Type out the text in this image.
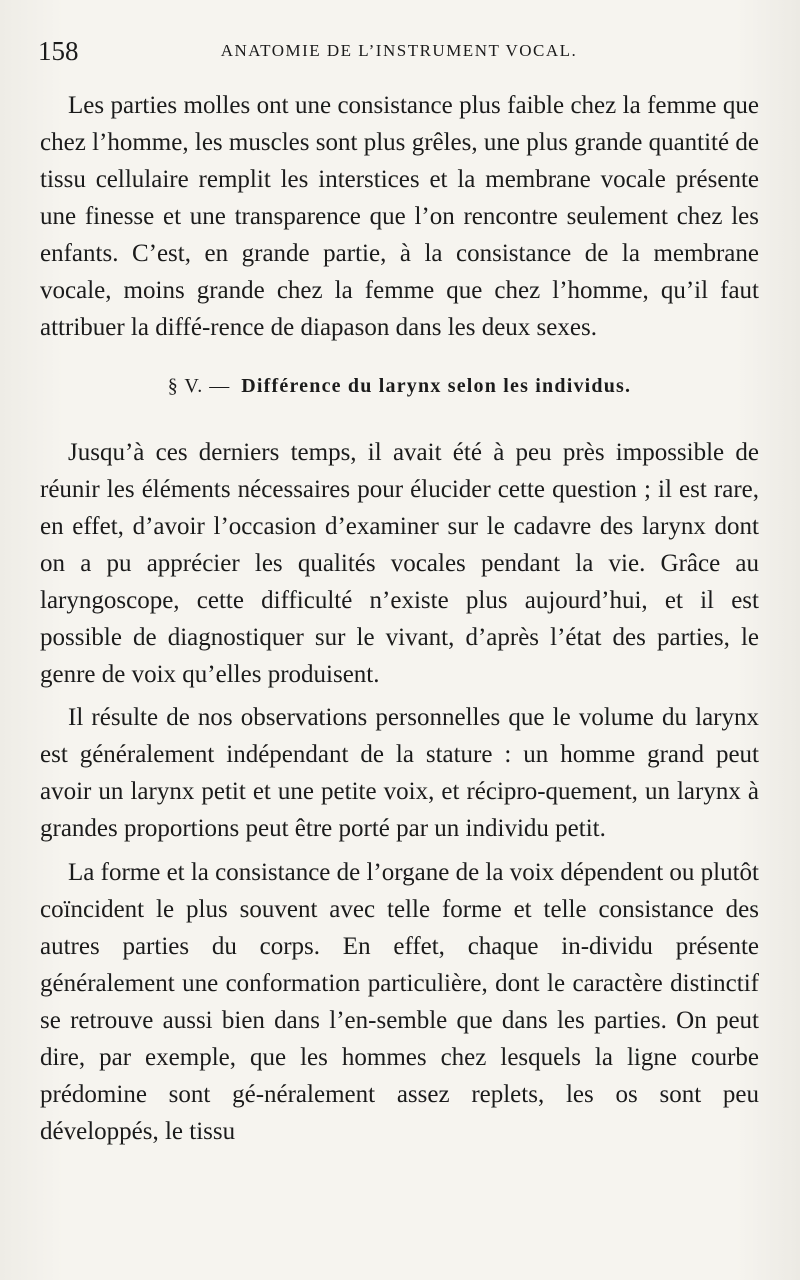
158	ANATOMIE DE L’INSTRUMENT VOCAL.

Les parties molles ont une consistance plus faible chez la femme que chez l’homme, les muscles sont plus grêles, une plus grande quantité de tissu cellulaire remplit les interstices et la membrane vocale présente une finesse et une transparence que l’on rencontre seulement chez les enfants. C’est, en grande partie, à la consistance de la membrane vocale, moins grande chez la femme que chez l’homme, qu’il faut attribuer la diffé-rence de diapason dans les deux sexes.

§ V. — Différence du larynx selon les individus.

Jusqu’à ces derniers temps, il avait été à peu près impossible de réunir les éléments nécessaires pour élucider cette question ; il est rare, en effet, d’avoir l’occasion d’examiner sur le cadavre des larynx dont on a pu apprécier les qualités vocales pendant la vie. Grâce au laryngoscope, cette difficulté n’existe plus aujourd’hui, et il est possible de diagnostiquer sur le vivant, d’après l’état des parties, le genre de voix qu’elles produisent.

Il résulte de nos observations personnelles que le volume du larynx est généralement indépendant de la stature : un homme grand peut avoir un larynx petit et une petite voix, et récipro-quement, un larynx à grandes proportions peut être porté par un individu petit.

La forme et la consistance de l’organe de la voix dépendent ou plutôt coïncident le plus souvent avec telle forme et telle consistance des autres parties du corps. En effet, chaque in-dividu présente généralement une conformation particulière, dont le caractère distinctif se retrouve aussi bien dans l’en-semble que dans les parties. On peut dire, par exemple, que les hommes chez lesquels la ligne courbe prédomine sont gé-néralement assez replets, les os sont peu développés, le tissu
